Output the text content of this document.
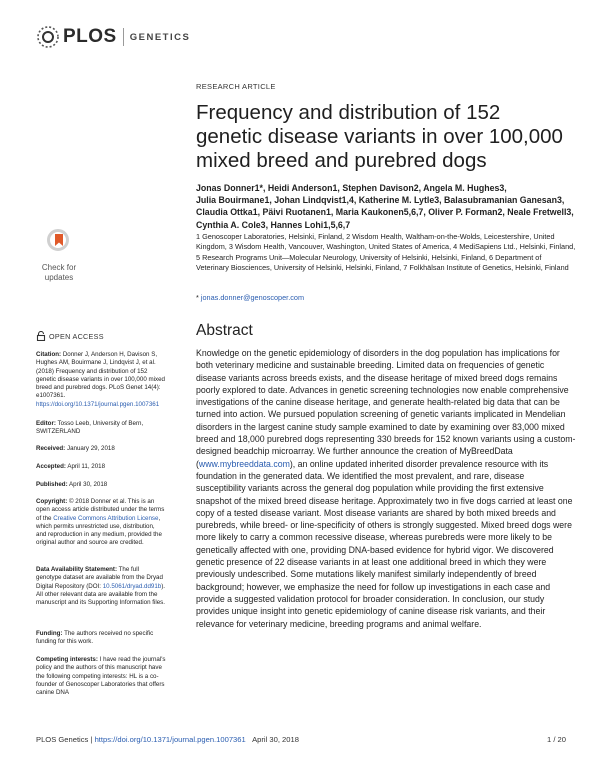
PLOS GENETICS
Check for
updates
OPEN ACCESS
Citation: Donner J, Anderson H, Davison S, Hughes AM, Bouirmane J, Lindqvist J, et al. (2018) Frequency and distribution of 152 genetic disease variants in over 100,000 mixed breed and purebred dogs. PLoS Genet 14(4): e1007361. https://doi.org/10.1371/journal.pgen.1007361
Editor: Tosso Leeb, University of Bern, SWITZERLAND
Received: January 29, 2018
Accepted: April 11, 2018
Published: April 30, 2018
Copyright: © 2018 Donner et al. This is an open access article distributed under the terms of the Creative Commons Attribution License, which permits unrestricted use, distribution, and reproduction in any medium, provided the original author and source are credited.
Data Availability Statement: The full genotype dataset are available from the Dryad Digital Repository (DOI: 10.5061/dryad.dd91b). All other relevant data are available from the manuscript and its Supporting Information files.
Funding: The authors received no specific funding for this work.
Competing interests: I have read the journal's policy and the authors of this manuscript have the following competing interests: HL is a co-founder of Genoscoper Laboratories that offers canine DNA
RESEARCH ARTICLE
Frequency and distribution of 152 genetic disease variants in over 100,000 mixed breed and purebred dogs
Jonas Donner1*, Heidi Anderson1, Stephen Davison2, Angela M. Hughes3,
Julia Bouirmane1, Johan Lindqvist1,4, Katherine M. Lytle3, Balasubramanian Ganesan3,
Claudia Ottka1, Päivi Ruotanen1, Maria Kaukonen5,6,7, Oliver P. Forman2, Neale Fretwell3,
Cynthia A. Cole3, Hannes Lohi1,5,6,7
1 Genoscoper Laboratories, Helsinki, Finland, 2 Wisdom Health, Waltham-on-the-Wolds, Leicestershire, United Kingdom, 3 Wisdom Health, Vancouver, Washington, United States of America, 4 MediSapiens Ltd., Helsinki, Finland, 5 Research Programs Unit—Molecular Neurology, University of Helsinki, Helsinki, Finland, 6 Department of Veterinary Biosciences, University of Helsinki, Helsinki, Finland, 7 Folkhälsan Institute of Genetics, Helsinki, Finland
* jonas.donner@genoscoper.com
Abstract

Knowledge on the genetic epidemiology of disorders in the dog population has implications for both veterinary medicine and sustainable breeding. Limited data on frequencies of genetic disease variants across breeds exists, and the disease heritage of mixed breed dogs remains poorly explored to date. Advances in genetic screening technologies now enable comprehensive investigations of the canine disease heritage, and generate health-related big data that can be turned into action. We pursued population screening of genetic variants implicated in Mendelian disorders in the largest canine study sample examined to date by examining over 83,000 mixed breed and 18,000 purebred dogs representing 330 breeds for 152 known variants using a custom-designed beadchip microarray. We further announce the creation of MyBreedData (www.mybreeddata.com), an online updated inherited disorder prevalence resource with its foundation in the generated data. We identified the most prevalent, and rare, disease susceptibility variants across the general dog population while providing the first extensive snapshot of the mixed breed disease heritage. Approximately two in five dogs carried at least one copy of a tested disease variant. Most disease variants are shared by both mixed breeds and purebreds, while breed- or line-specificity of others is strongly suggested. Mixed breed dogs were more likely to carry a common recessive disease, whereas purebreds were more likely to be genetically affected with one, providing DNA-based evidence for hybrid vigor. We discovered genetic presence of 22 disease variants in at least one additional breed in which they were previously undescribed. Some mutations likely manifest similarly independently of breed background; however, we emphasize the need for follow up investigations in each case and provide a suggested validation protocol for broader consideration. In conclusion, our study provides unique insight into genetic epidemiology of canine disease risk variants, and their relevance for veterinary medicine, breeding programs and animal welfare.

PLOS Genetics | https://doi.org/10.1371/journal.pgen.1007361 April 30, 2018	1 / 20
